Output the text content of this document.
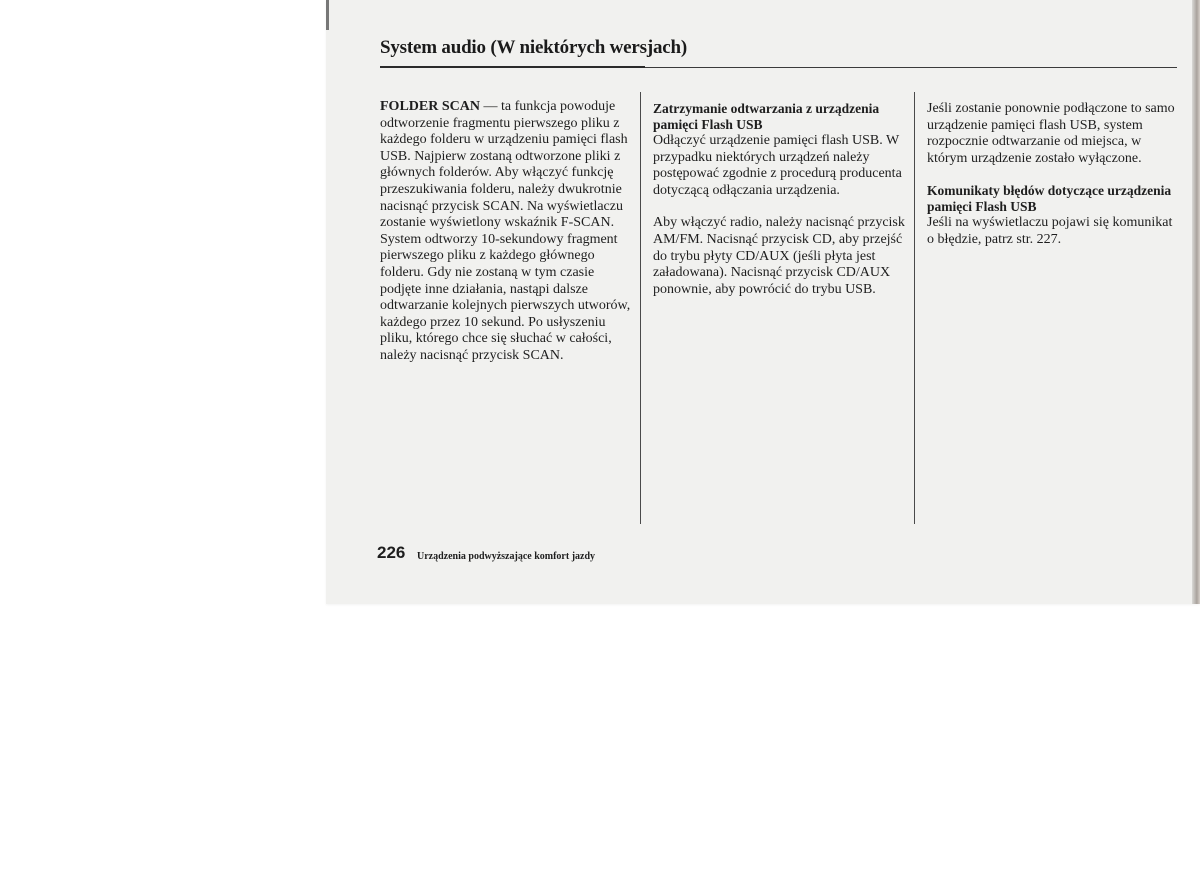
System audio (W niektórych wersjach)

FOLDER SCAN — ta funkcja powoduje odtworzenie fragmentu pierwszego pliku z każdego folderu w urządzeniu pamięci flash USB. Najpierw zostaną odtworzone pliki z głównych folderów. Aby włączyć funkcję przeszukiwania folderu, należy dwukrotnie nacisnąć przycisk SCAN. Na wyświetlaczu zostanie wyświetlony wskaźnik F-SCAN. System odtworzy 10-sekundowy fragment pierwszego pliku z każdego głównego folderu. Gdy nie zostaną w tym czasie podjęte inne działania, nastąpi dalsze odtwarzanie kolejnych pierwszych utworów, każdego przez 10 sekund. Po usłyszeniu pliku, którego chce się słuchać w całości, należy nacisnąć przycisk SCAN.

Zatrzymanie odtwarzania z urządzenia pamięci Flash USB

Odłączyć urządzenie pamięci flash USB. W przypadku niektórych urządzeń należy postępować zgodnie z procedurą producenta dotyczącą odłączania urządzenia.

Aby włączyć radio, należy nacisnąć przycisk AM/FM. Nacisnąć przycisk CD, aby przejść do trybu płyty CD/AUX (jeśli płyta jest załadowana). Nacisnąć przycisk CD/AUX ponownie, aby powrócić do trybu USB.

Jeśli zostanie ponownie podłączone to samo urządzenie pamięci flash USB, system rozpocznie odtwarzanie od miejsca, w którym urządzenie zostało wyłączone.

Komunikaty błędów dotyczące urządzenia pamięci Flash USB

Jeśli na wyświetlaczu pojawi się komunikat o błędzie, patrz str. 227.

226 Urządzenia podwyższające komfort jazdy
